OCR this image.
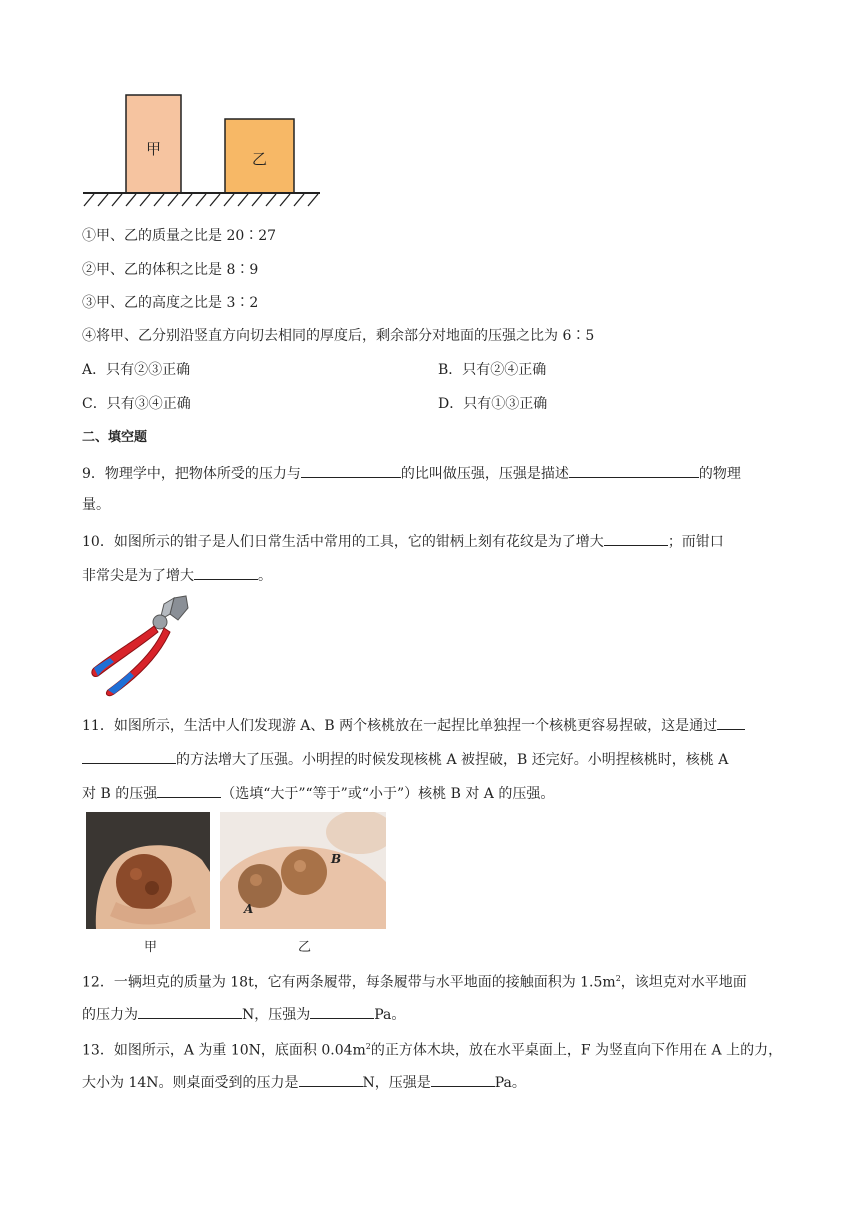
甲
乙
①甲、乙的质量之比是 20∶27
②甲、乙的体积之比是 8∶9
③甲、乙的高度之比是 3∶2
④将甲、乙分别沿竖直方向切去相同的厚度后，剩余部分对地面的压强之比为 6∶5
A．只有②③正确	B．只有②④正确
C．只有③④正确	D．只有①③正确
二、填空题
9．物理学中，把物体所受的压力与	的比叫做压强，压强是描述	的物理
量。
10．如图所示的钳子是人们日常生活中常用的工具，它的钳柄上刻有花纹是为了增大	；而钳口
非常尖是为了增大	。
11．如图所示，生活中人们发现游 A、B 两个核桃放在一起捏比单独捏一个核桃更容易捏破，这是通过
的方法增大了压强。小明捏的时候发现核桃 A 被捏破，B 还完好。小明捏核桃时，核桃 A
对 B 的压强	（选填“大于”“等于”或“小于”）核桃 B 对 A 的压强。
B
A
甲	乙
12．一辆坦克的质量为 18t，它有两条履带，每条履带与水平地面的接触面积为 $1.5m^2$，该坦克对水平地面
的压力为	N，压强为	Pa。
13．如图所示，A 为重 10N，底面积 $0.04m^2$的正方体木块，放在水平桌面上，F 为竖直向下作用在 A 上的力，
大小为 14N。则桌面受到的压力是	N，压强是	Pa。
